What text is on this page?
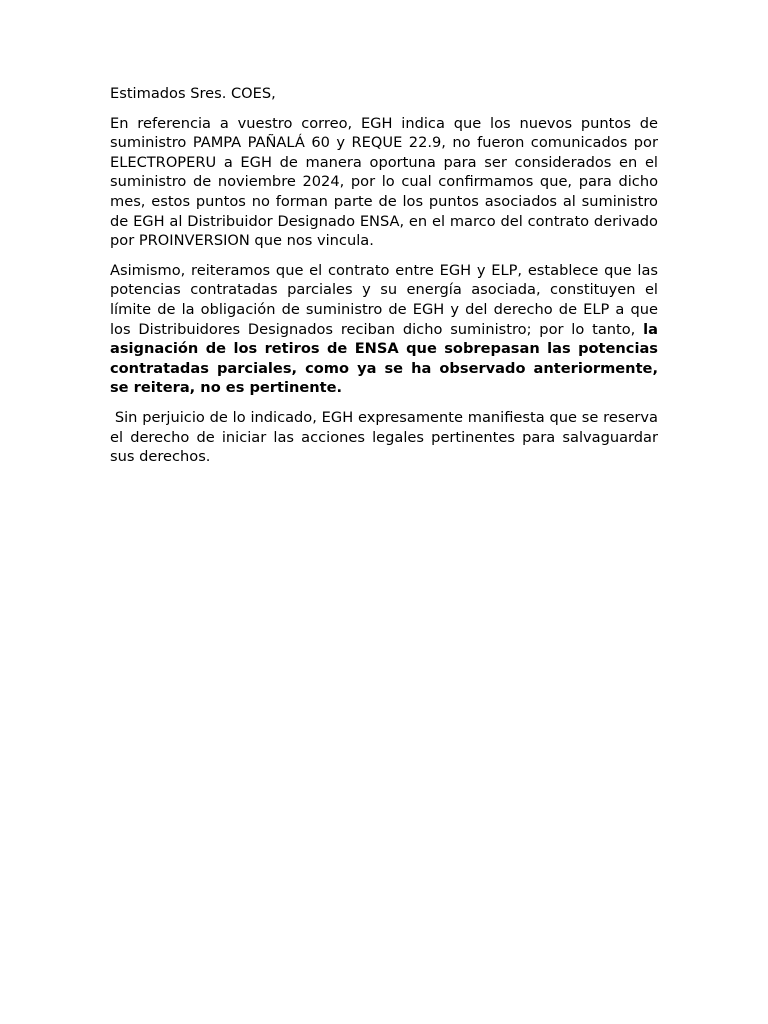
Estimados Sres. COES,

En referencia a vuestro correo, EGH indica que los nuevos puntos de suministro PAMPA PAÑALÁ 60 y REQUE 22.9, no fueron comunicados por ELECTROPERU a EGH de manera oportuna para ser considerados en el suministro de noviembre 2024, por lo cual confirmamos que, para dicho mes, estos puntos no forman parte de los puntos asociados al suministro de EGH al Distribuidor Designado ENSA, en el marco del contrato derivado por PROINVERSION que nos vincula.

Asimismo, reiteramos que el contrato entre EGH y ELP, establece que las potencias contratadas parciales y su energía asociada, constituyen el límite de la obligación de suministro de EGH y del derecho de ELP a que los Distribuidores Designados reciban dicho suministro; por lo tanto, la asignación de los retiros de ENSA que sobrepasan las potencias contratadas parciales, como ya se ha observado anteriormente, se reitera, no es pertinente.

Sin perjuicio de lo indicado, EGH expresamente manifiesta que se reserva el derecho de iniciar las acciones legales pertinentes para salvaguardar sus derechos.
